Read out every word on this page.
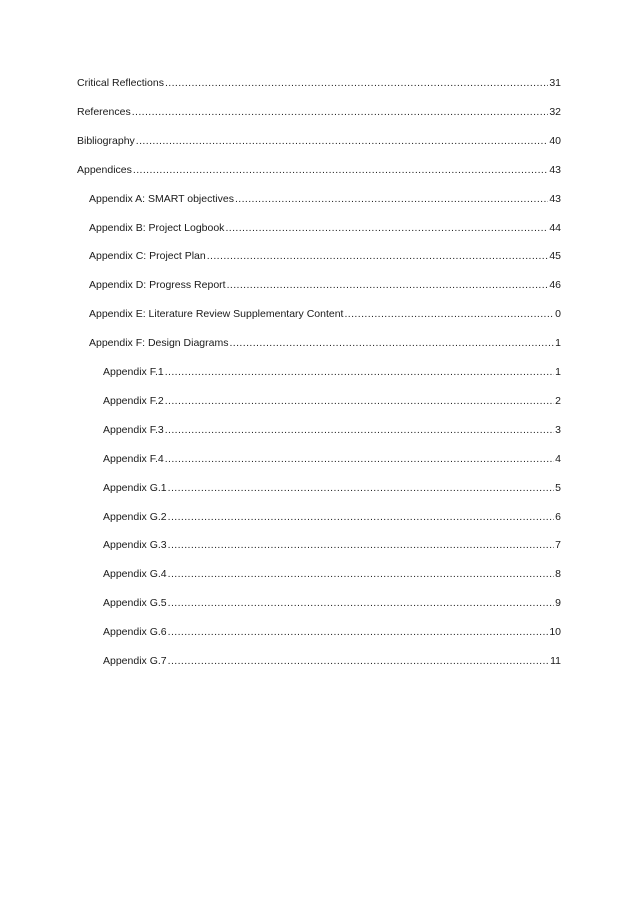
Critical Reflections .....	31
References .....	32
Bibliography .....	40
Appendices .....	43
Appendix A: SMART objectives .....	43
Appendix B: Project Logbook .....	44
Appendix C: Project Plan .....	45
Appendix D: Progress Report .....	46
Appendix E: Literature Review Supplementary Content .....	0
Appendix F: Design Diagrams .....	1
Appendix F.1 .....	1
Appendix F.2 .....	2
Appendix F.3 .....	3
Appendix F.4 .....	4
Appendix G.1 .....	5
Appendix G.2 .....	6
Appendix G.3 .....	7
Appendix G.4 .....	8
Appendix G.5 .....	9
Appendix G.6 .....	10
Appendix G.7 .....	11
